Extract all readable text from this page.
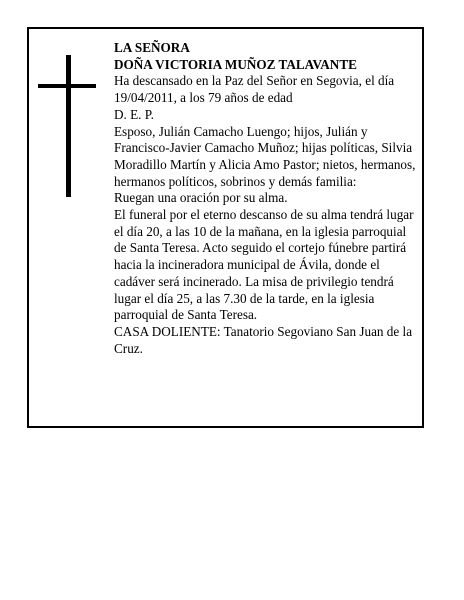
LA SEÑORA

DOÑA VICTORIA MUÑOZ TALAVANTE

Ha descansado en la Paz del Señor en Segovia, el día 19/04/2011, a los 79 años de edad

D. E. P.

Esposo, Julián Camacho Luengo; hijos, Julián y Francisco-Javier Camacho Muñoz; hijas políticas, Silvia Moradillo Martín y Alicia Amo Pastor; nietos, hermanos, hermanos políticos, sobrinos y demás familia:

Ruegan una oración por su alma.

El funeral por el eterno descanso de su alma tendrá lugar el día 20, a las 10 de la mañana, en la iglesia parroquial de Santa Teresa. Acto seguido el cortejo fúnebre partirá hacia la incineradora municipal de Ávila, donde el cadáver será incinerado. La misa de privilegio tendrá lugar el día 25, a las 7.30 de la tarde, en la iglesia parroquial de Santa Teresa.

CASA DOLIENTE: Tanatorio Segoviano San Juan de la Cruz.
